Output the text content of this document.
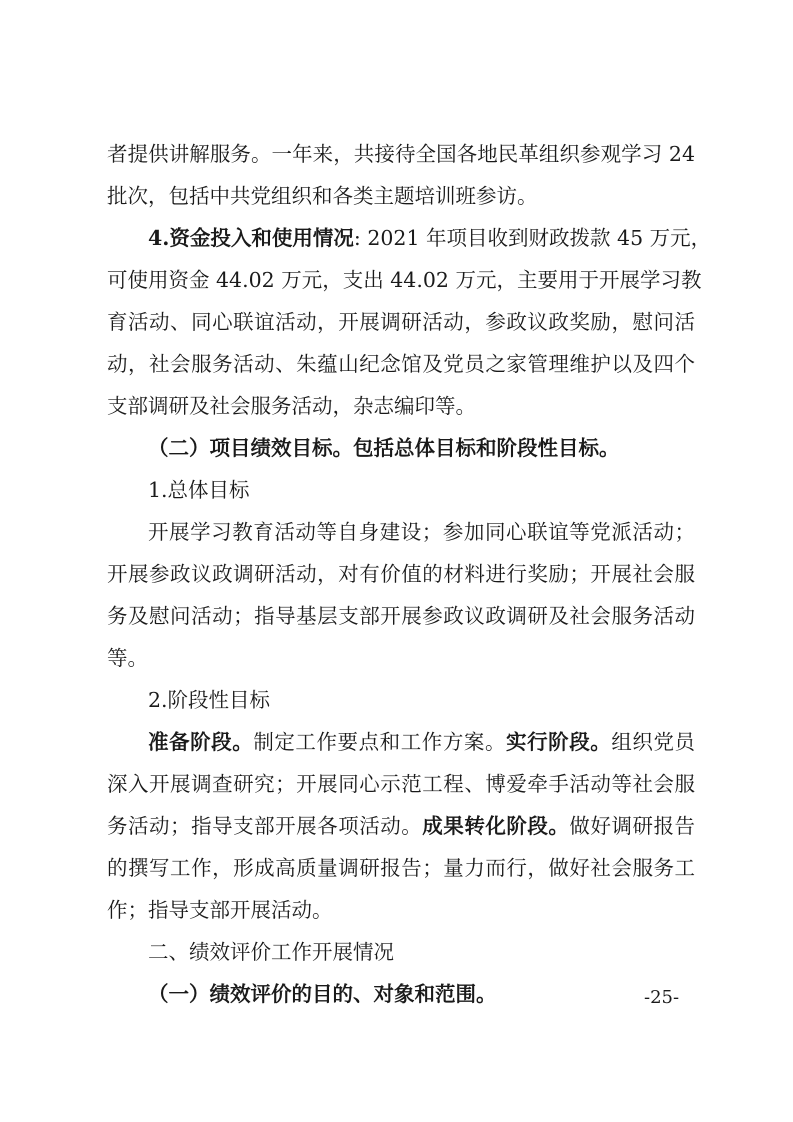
者提供讲解服务。一年来，共接待全国各地民革组织参观学习 24
批次，包括中共党组织和各类主题培训班参访。
4.资金投入和使用情况: 2021 年项目收到财政拨款 45 万元，
可使用资金 44.02 万元，支出 44.02 万元，主要用于开展学习教
育活动、同心联谊活动，开展调研活动，参政议政奖励，慰问活
动，社会服务活动、朱蕴山纪念馆及党员之家管理维护以及四个
支部调研及社会服务活动，杂志编印等。
（二）项目绩效目标。包括总体目标和阶段性目标。
1.总体目标
开展学习教育活动等自身建设；参加同心联谊等党派活动；
开展参政议政调研活动，对有价值的材料进行奖励；开展社会服
务及慰问活动；指导基层支部开展参政议政调研及社会服务活动
等。
2.阶段性目标
准备阶段。制定工作要点和工作方案。实行阶段。组织党员
深入开展调查研究；开展同心示范工程、博爱牵手活动等社会服
务活动；指导支部开展各项活动。成果转化阶段。做好调研报告
的撰写工作，形成高质量调研报告；量力而行，做好社会服务工
作；指导支部开展活动。
二、绩效评价工作开展情况
（一）绩效评价的目的、对象和范围。	-25-
